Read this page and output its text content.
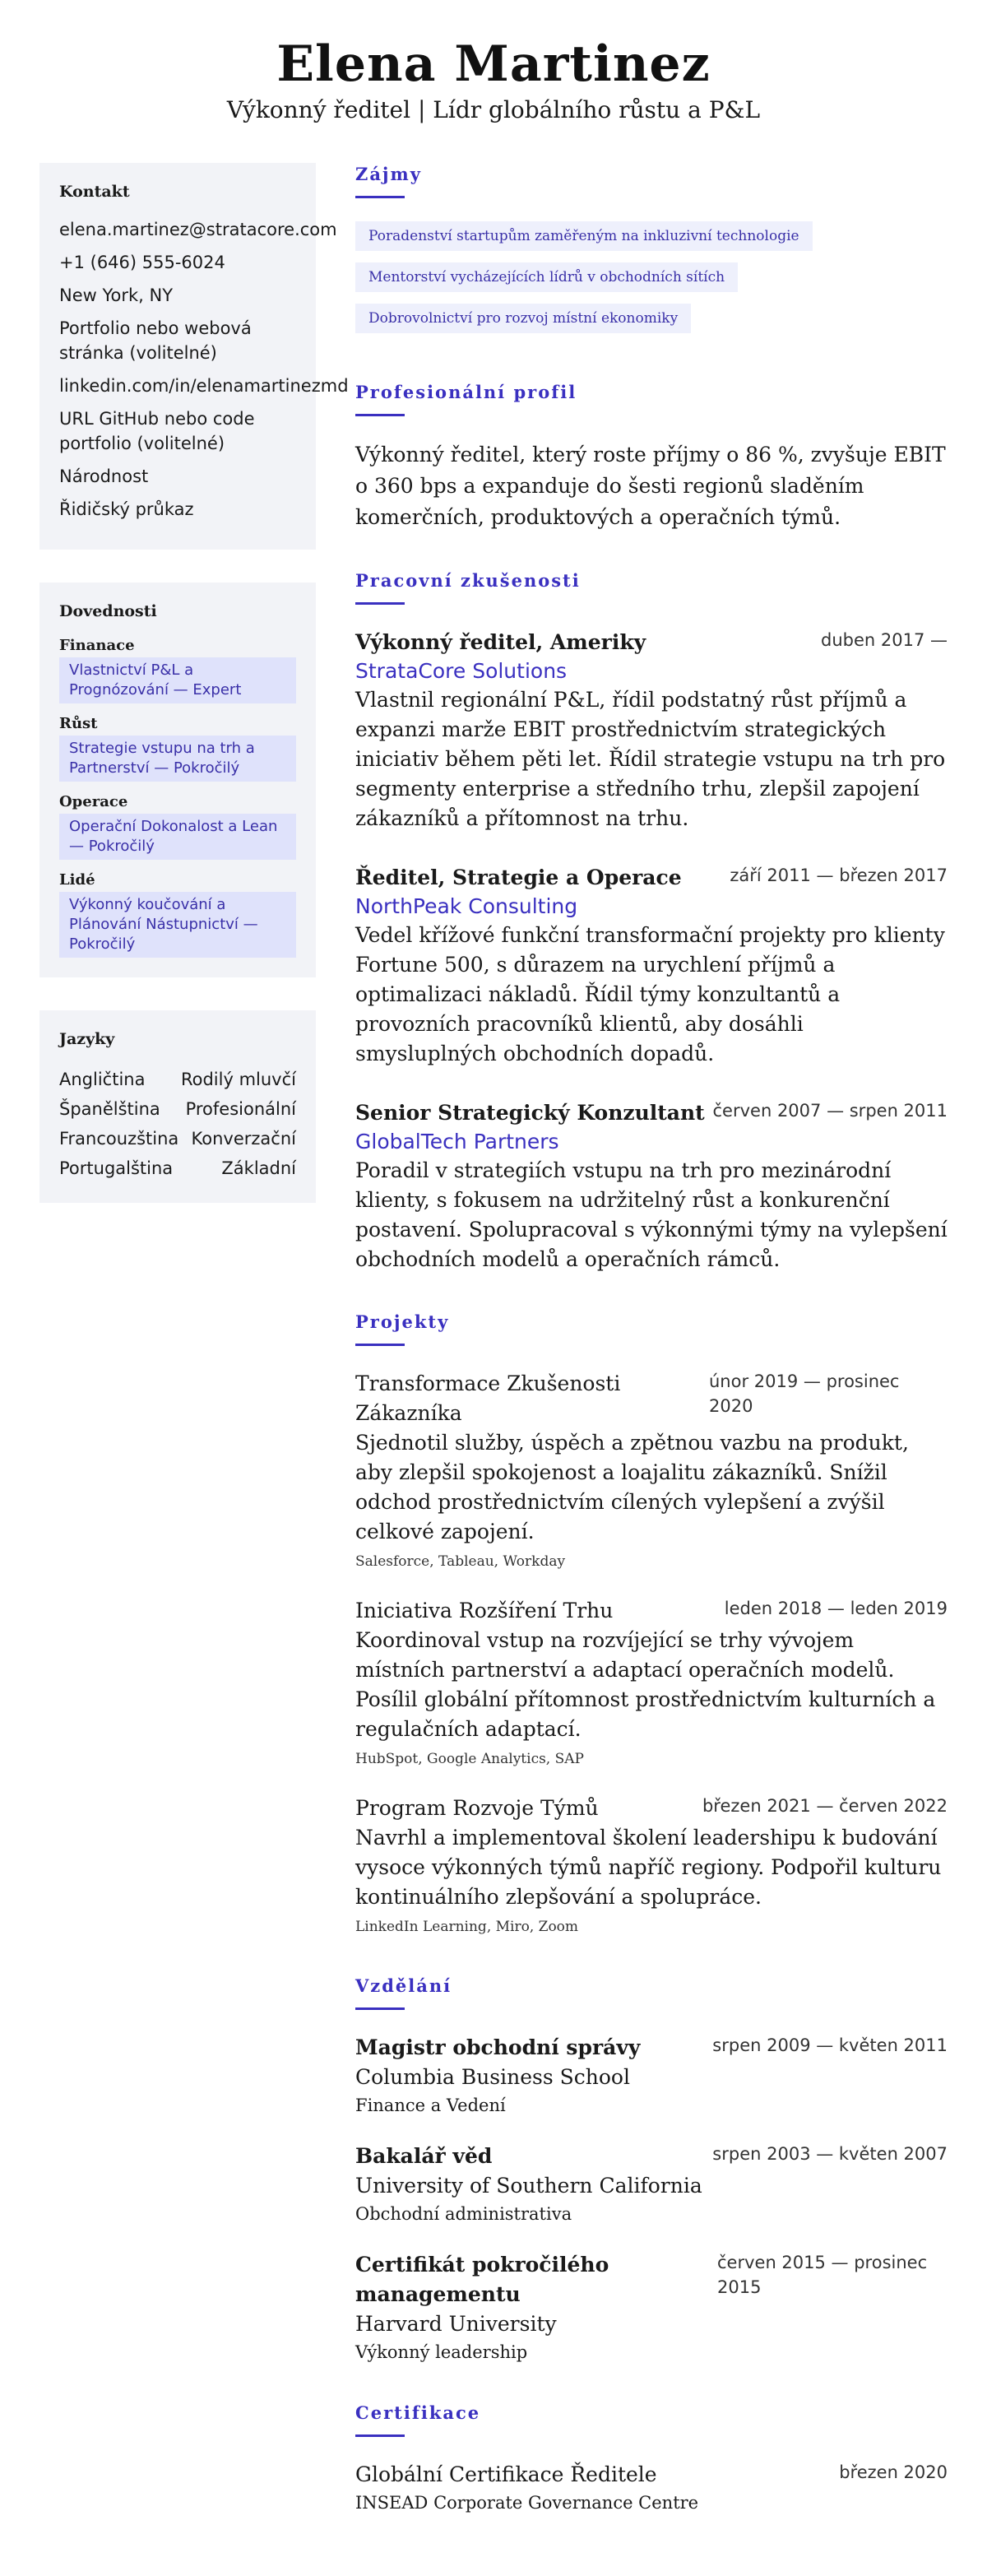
Elena Martinez
Výkonný ředitel | Lídr globálního růstu a P&L
Kontakt
elena.martinez@stratacore.com
+1 (646) 555-6024
New York, NY
Portfolio nebo webová stránka (volitelné)
linkedin.com/in/elenamartinezmd
URL GitHub nebo code portfolio (volitelné)
Národnost
Řidičský průkaz
Dovednosti
Finanace
Vlastnictví P&L a Prognózování — Expert
Růst
Strategie vstupu na trh a Partnerství — Pokročilý
Operace
Operační Dokonalost a Lean — Pokročilý
Lidé
Výkonný koučování a Plánování Nástupnictví — Pokročilý
Jazyky
Angličtina Rodilý mluvčí
Španělština Profesionální
Francouzština Konverzační
Portugalština	Základní
Zájmy
Poradenství startupům zaměřeným na inkluzivní technologie
Mentorství vycházejících lídrů v obchodních sítích
Dobrovolnictví pro rozvoj místní ekonomiky
Profesionální profil
Výkonný ředitel, který roste příjmy o 86 %, zvyšuje EBIT o 360 bps a expanduje do šesti regionů sladěním komerčních, produktových a operačních týmů.
Pracovní zkušenosti
Výkonný ředitel, Ameriky	duben 2017 —
StrataCore Solutions
Vlastnil regionální P&L, řídil podstatný růst příjmů a expanzi marže EBIT prostřednictvím strategických iniciativ během pěti let. Řídil strategie vstupu na trh pro segmenty enterprise a středního trhu, zlepšil zapojení zákazníků a přítomnost na trhu.
Ředitel, Strategie a Operace	září 2011 — březen 2017
NorthPeak Consulting
Vedel křížové funkční transformační projekty pro klienty Fortune 500, s důrazem na urychlení příjmů a optimalizaci nákladů. Řídil týmy konzultantů a provozních pracovníků klientů, aby dosáhli smysluplných obchodních dopadů.
Senior Strategický Konzultant červen 2007 — srpen 2011
GlobalTech Partners
Poradil v strategiích vstupu na trh pro mezinárodní klienty, s fokusem na udržitelný růst a konkurenční postavení. Spolupracoval s výkonnými týmy na vylepšení obchodních modelů a operačních rámců.
Projekty
Transformace Zkušenosti Zákazníka
únor 2019 — prosinec 2020
Sjednotil služby, úspěch a zpětnou vazbu na produkt, aby zlepšil spokojenost a loajalitu zákazníků. Snížil odchod prostřednictvím cílených vylepšení a zvýšil celkové zapojení.
Salesforce, Tableau, Workday
Iniciativa Rozšíření Trhu	leden 2018 — leden 2019
Koordinoval vstup na rozvíjející se trhy vývojem místních partnerství a adaptací operačních modelů. Posílil globální přítomnost prostřednictvím kulturních a regulačních adaptací.
HubSpot, Google Analytics, SAP
Program Rozvoje Týmů	březen 2021 — červen 2022
Navrhl a implementoval školení leadershipu k budování vysoce výkonných týmů napříč regiony. Podpořil kulturu kontinuálního zlepšování a spolupráce.
LinkedIn Learning, Miro, Zoom
Vzdělání
Magistr obchodní správy	srpen 2009 — květen 2011
Columbia Business School
Finance a Vedení
Bakalář věd	srpen 2003 — květen 2007
University of Southern California
Obchodní administrativa
Certifikát pokročilého managementu
červen 2015 — prosinec 2015
Harvard University
Výkonný leadership
Certifikace
Globální Certifikace Ředitele	březen 2020
INSEAD Corporate Governance Centre
